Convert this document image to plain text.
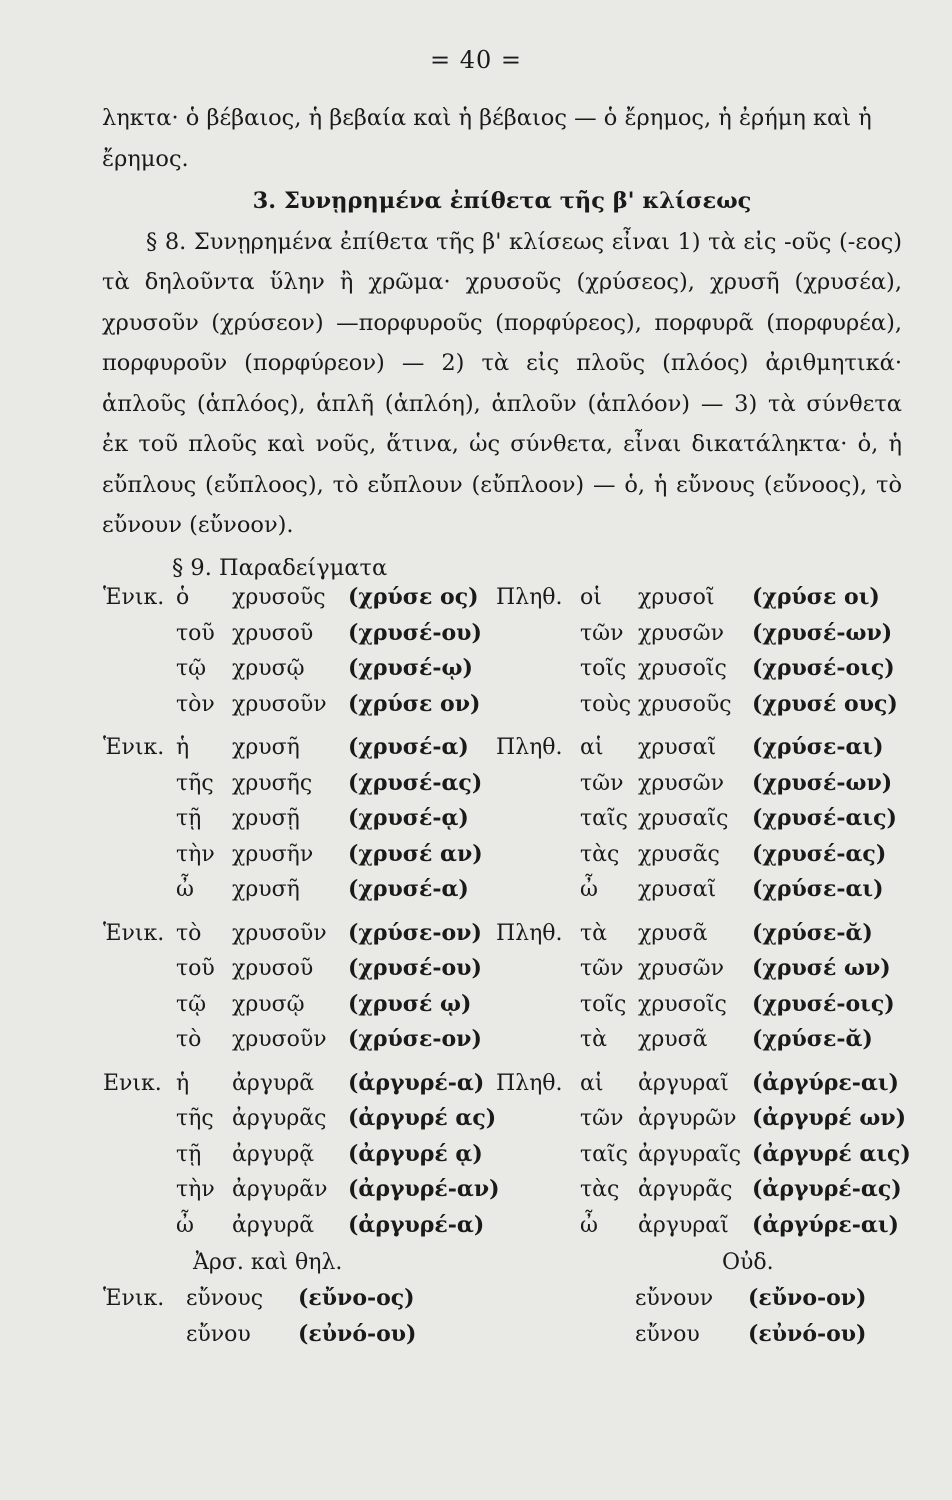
= 40 =

ληκτα· ὁ βέβαιος, ἡ βεβαία καὶ ἡ βέβαιος — ὁ ἔρημος, ἡ ἐρήμη καὶ ἡ ἔρημος.

3. Συνῃρημένα ἐπίθετα τῆς β' κλίσεως

§ 8. Συνῃρημένα ἐπίθετα τῆς β' κλίσεως εἶναι 1) τὰ εἰς -οῦς (-εος) τὰ δηλοῦντα ὕλην ἢ χρῶμα· χρυσοῦς (χρύσεος), χρυσῆ (χρυσέα), χρυσοῦν (χρύσεον) —πορφυροῦς (πορφύρεος), πορφυρᾶ (πορφυρέα), πορφυροῦν (πορφύρεον) — 2) τὰ εἰς πλοῦς (πλόος) ἀριθμητικά· ἁπλοῦς (ἁπλόος), ἁπλῆ (ἁπλόη), ἁπλοῦν (ἁπλόον) — 3) τὰ σύνθετα ἐκ τοῦ πλοῦς καὶ νοῦς, ἅτινα, ὡς σύνθετα, εἶναι δικατάληκτα· ὁ, ἡ εὔπλους (εὔπλοος), τὸ εὔπλουν (εὔπλοον) — ὁ, ἡ εὔνους (εὔνοος), τὸ εὔνουν (εὔνοον).

§ 9. Παραδείγματα

Ἑνικ. ὁ χρυσοῦς (χρύσε ος) Πληθ. οἱ χρυσοῖ (χρύσε οι)
τοῦ χρυσοῦ (χρυσέ-ου)	τῶν χρυσῶν (χρυσέ-ων)
τῷ χρυσῷ (χρυσέ-ῳ)	τοῖς χρυσοῖς (χρυσέ-οις)
τὸν χρυσοῦν (χρύσε ον)	τοὺς χρυσοῦς (χρυσέ ους)
Ἑνικ. ἡ χρυσῆ (χρυσέ-α) Πληθ. αἱ χρυσαῖ (χρύσε-αι)
τῆς χρυσῆς (χρυσέ-ας)	τῶν χρυσῶν (χρυσέ-ων)
τῇ χρυσῇ (χρυσέ-ᾳ)	ταῖς χρυσαῖς (χρυσέ-αις)
τὴν χρυσῆν (χρυσέ αν)	τὰς χρυσᾶς (χρυσέ-ας)
ὦ χρυσῆ (χρυσέ-α)	ὦ χρυσαῖ (χρύσε-αι)
Ἑνικ. τὸ χρυσοῦν (χρύσε-ον) Πληθ. τὰ χρυσᾶ (χρύσε-ᾰ)
τοῦ χρυσοῦ (χρυσέ-ου)	τῶν χρυσῶν (χρυσέ ων)
τῷ χρυσῷ (χρυσέ ῳ)	τοῖς χρυσοῖς (χρυσέ-οις)
τὸ χρυσοῦν (χρύσε-ον)	τὰ χρυσᾶ (χρύσε-ᾰ)
Ενικ. ἡ ἀργυρᾶ (ἀργυρέ-α) Πληθ. αἱ ἀργυραῖ (ἀργύρε-αι)
τῆς ἀργυρᾶς (ἀργυρέ ας)	τῶν ἀργυρῶν (ἀργυρέ ων)
τῇ ἀργυρᾷ (ἀργυρέ ᾳ)	ταῖς ἀργυραῖς (ἀργυρέ αις)
τὴν ἀργυρᾶν (ἀργυρέ-αν)	τὰς ἀργυρᾶς (ἀργυρέ-ας)
ὦ ἀργυρᾶ (ἀργυρέ-α)	ὦ ἀργυραῖ (ἀργύρε-αι)
Ἀρσ. καὶ θηλ.	Οὐδ.
Ἑνικ. εὔνους (εὔνο-ος)	εὔνουν (εὔνο-ον)
εὔνου (εὐνό-ου)	εὔνου (εὐνό-ου)
